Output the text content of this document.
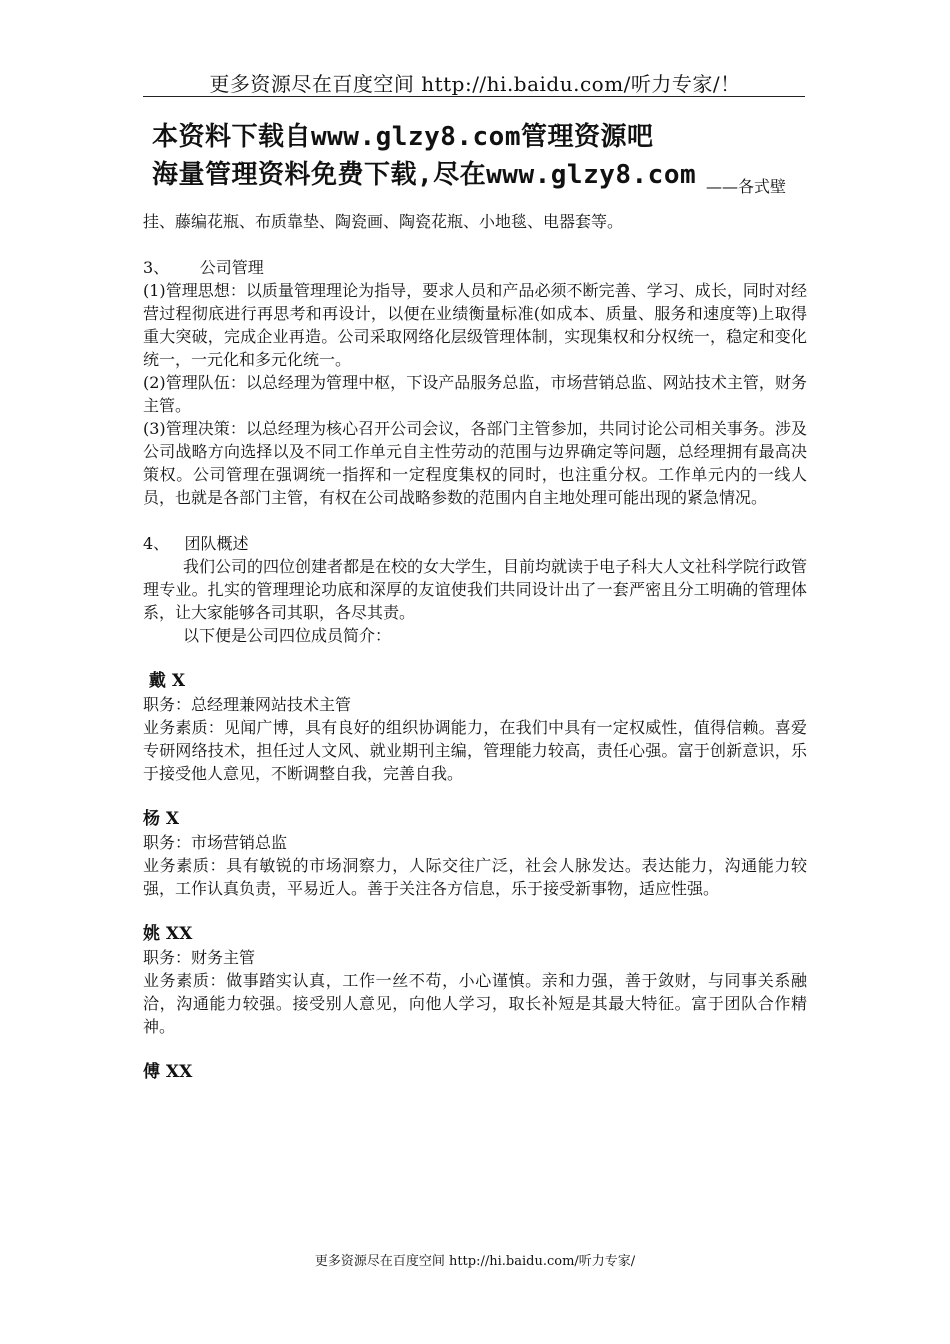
更多资源尽在百度空间 http://hi.baidu.com/听力专家/！
本资料下载自www.glzy8.com管理资源吧
海量管理资料免费下载,尽在www.glzy8.com ——各式壁

挂、藤编花瓶、布质靠垫、陶瓷画、陶瓷花瓶、小地毯、电器套等。

3、      公司管理

(1)管理思想：以质量管理理论为指导，要求人员和产品必须不断完善、学习、成长，同时对经营过程彻底进行再思考和再设计，以便在业绩衡量标准(如成本、质量、服务和速度等)上取得重大突破，完成企业再造。公司采取网络化层级管理体制，实现集权和分权统一，稳定和变化统一，一元化和多元化统一。

(2)管理队伍：以总经理为管理中枢，下设产品服务总监，市场营销总监、网站技术主管，财务主管。

(3)管理决策：以总经理为核心召开公司会议，各部门主管参加，共同讨论公司相关事务。涉及公司战略方向选择以及不同工作单元自主性劳动的范围与边界确定等问题，总经理拥有最高决策权。公司管理在强调统一指挥和一定程度集权的同时，也注重分权。工作单元内的一线人员，也就是各部门主管，有权在公司战略参数的范围内自主地处理可能出现的紧急情况。

4、   团队概述

我们公司的四位创建者都是在校的女大学生，目前均就读于电子科大人文社科学院行政管理专业。扎实的管理理论功底和深厚的友谊使我们共同设计出了一套严密且分工明确的管理体系，让大家能够各司其职，各尽其责。

以下便是公司四位成员简介：

戴 X

职务：总经理兼网站技术主管

业务素质：见闻广博，具有良好的组织协调能力，在我们中具有一定权威性，值得信赖。喜爱专研网络技术，担任过人文风、就业期刊主编，管理能力较高，责任心强。富于创新意识，乐于接受他人意见，不断调整自我，完善自我。

杨 X

职务：市场营销总监

业务素质：具有敏锐的市场洞察力，人际交往广泛，社会人脉发达。表达能力，沟通能力较强，工作认真负责，平易近人。善于关注各方信息，乐于接受新事物，适应性强。

姚 XX

职务：财务主管

业务素质：做事踏实认真，工作一丝不苟，小心谨慎。亲和力强，善于敛财，与同事关系融洽，沟通能力较强。接受别人意见，向他人学习，取长补短是其最大特征。富于团队合作精神。

傅 XX

更多资源尽在百度空间 http://hi.baidu.com/听力专家/
